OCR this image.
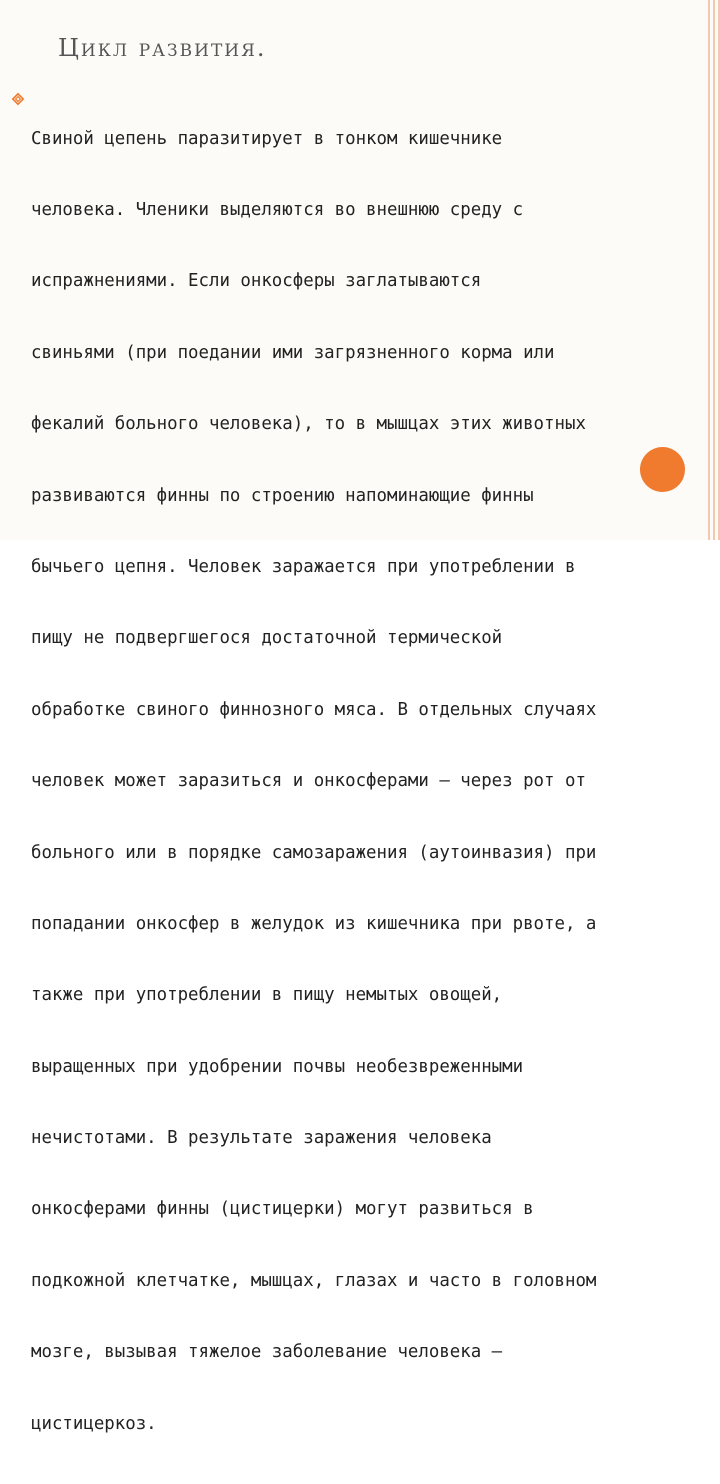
Цикл развития.

Свиной цепень паразитирует в тонком кишечнике

человека. Членики выделяются во внешнюю среду с

испражнениями. Если онкосферы заглатываются

свиньями (при поедании ими загрязненного корма или

фекалий больного человека), то в мышцах этих животных

развиваются финны по строению напоминающие финны

бычьего цепня. Человек заражается при употреблении в

пищу не подвергшегося достаточной термической

обработке свиного финнозного мяса. В отдельных случаях

человек может заразиться и онкосферами — через рот от

больного или в порядке самозаражения (аутоинвазия) при

попадании онкосфер в желудок из кишечника при рвоте, а

также при употреблении в пищу немытых овощей,

выращенных при удобрении почвы необезвреженными

нечистотами. В результате заражения человека

онкосферами финны (цистицерки) могут развиться в

подкожной клетчатке, мышцах, глазах и часто в головном

мозге, вызывая тяжелое заболевание человека —

цистицеркоз.
